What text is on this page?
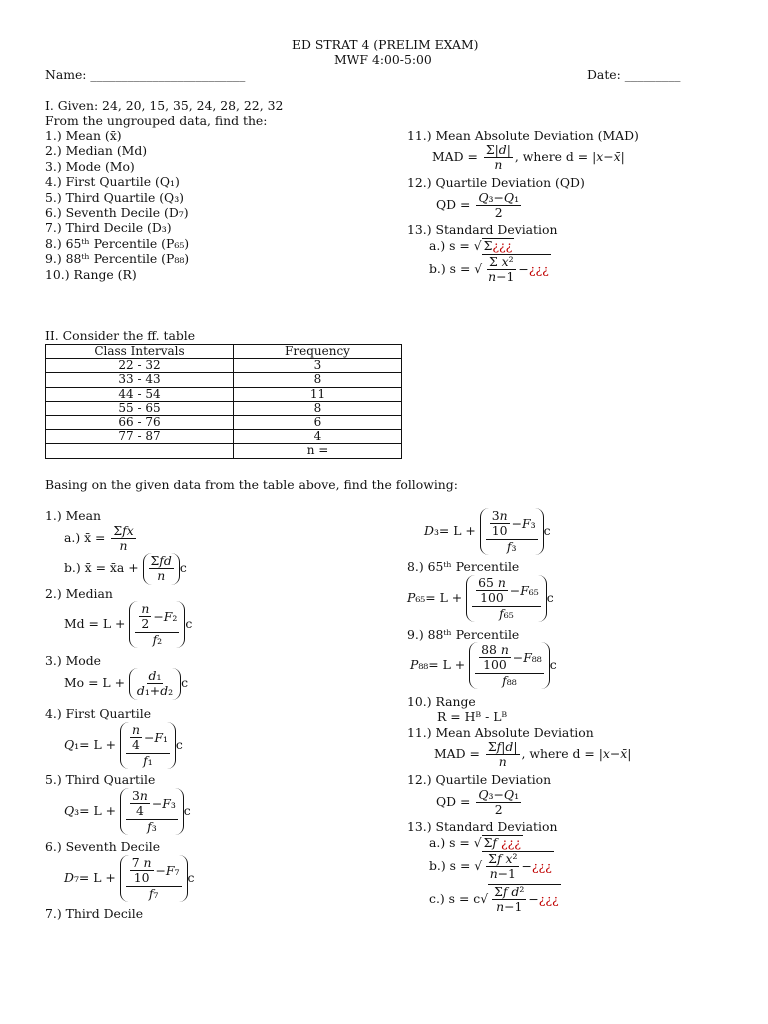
ED STRAT 4 (PRELIM EXAM)
MWF 4:00-5:00
Name: _________________________	Date: _________
I. Given: 24, 20, 15, 35, 24, 28, 22, 32
From the ungrouped data, find the:
1.) Mean (x̄)
2.) Median (Md)
3.) Mode (Mo)
4.) First Quartile (Q₁)
5.) Third Quartile (Q₃)
6.) Seventh Decile (D₇)
7.) Third Decile (D₃)
8.) 65ᵗʰ Percentile (P₆₅)
9.) 88ᵗʰ Percentile (P₈₈)
10.) Range (R)
11.) Mean Absolute Deviation (MAD)
MAD = $\frac{\Sigma|d|}{n}$ , where d = | x − x̄ |
12.) Quartile Deviation (QD)
QD = $\frac{\text{Q₃−Q₁}}{2}$
13.) Standard Deviation
a.) s = √ Σ¿¿¿
b.) s = √ $\frac{\text{Σ x²}}{n-1}$ −¿¿¿
II. Consider the ff. table
Class Intervals	Frequency
22 - 32	3
33 - 43	8
44 - 54	11
55 - 65	8
66 - 76	6
77 - 87	4
	n =
Basing on the given data from the table above, find the following:
1.) Mean
a.) x̄ = $\frac{\text{Σfx}}{n}$
b.) x̄ = x̄a + $\frac{\text{Σfd}}{n}$ c
2.) Median
$Md = L + \frac{\frac{n}{2} - F _2}{\text{f₂}}$ c
3.) Mode
$Mo = L + \frac{\text{d₁}}{\text{d₁+d₂}}$ c
4.) First Quartile
Q $_1= L + \frac{\frac{n}{4} - F _1}{\text{f₁}}$ c
5.) Third Quartile
Q $_3= L + \frac{\frac{3n}{4} - F _3}{\text{f₃}}$ c
6.) Seventh Decile
D $_7= L + \frac{\frac{7 n}{10} - F _7}{\text{f₇}}$ c
7.) Third Decile
D $_3= L + \frac{\frac{3n}{10} - F _3}{\text{f₃}}$ c
8.) 65ᵗʰ Percentile
P $_{65}= L + \frac{\frac{65 n}{100} - F _{65}}{\text{f₆₅}}$ c
9.) 88ᵗʰ Percentile
P $_{88}= L + \frac{\frac{88 n}{100} - F _{88}}{\text{f₈₈}}$ c
10.) Range
R = Hᴮ - Lᴮ
11.) Mean Absolute Deviation
MAD = $\frac{\Sigma f|d|}{n}$ , where d = | x − x̄ |
12.) Quartile Deviation
QD = $\frac{\text{Q₃−Q₁}}{2}$
13.) Standard Deviation
a.) s = √ Σf ¿¿¿
b.) s = √ $\frac{\text{Σf x²}}{n-1}$ −¿¿¿
c.) $s = c√ \frac{\text{Σf d²}}{n-1}$ −¿¿¿
